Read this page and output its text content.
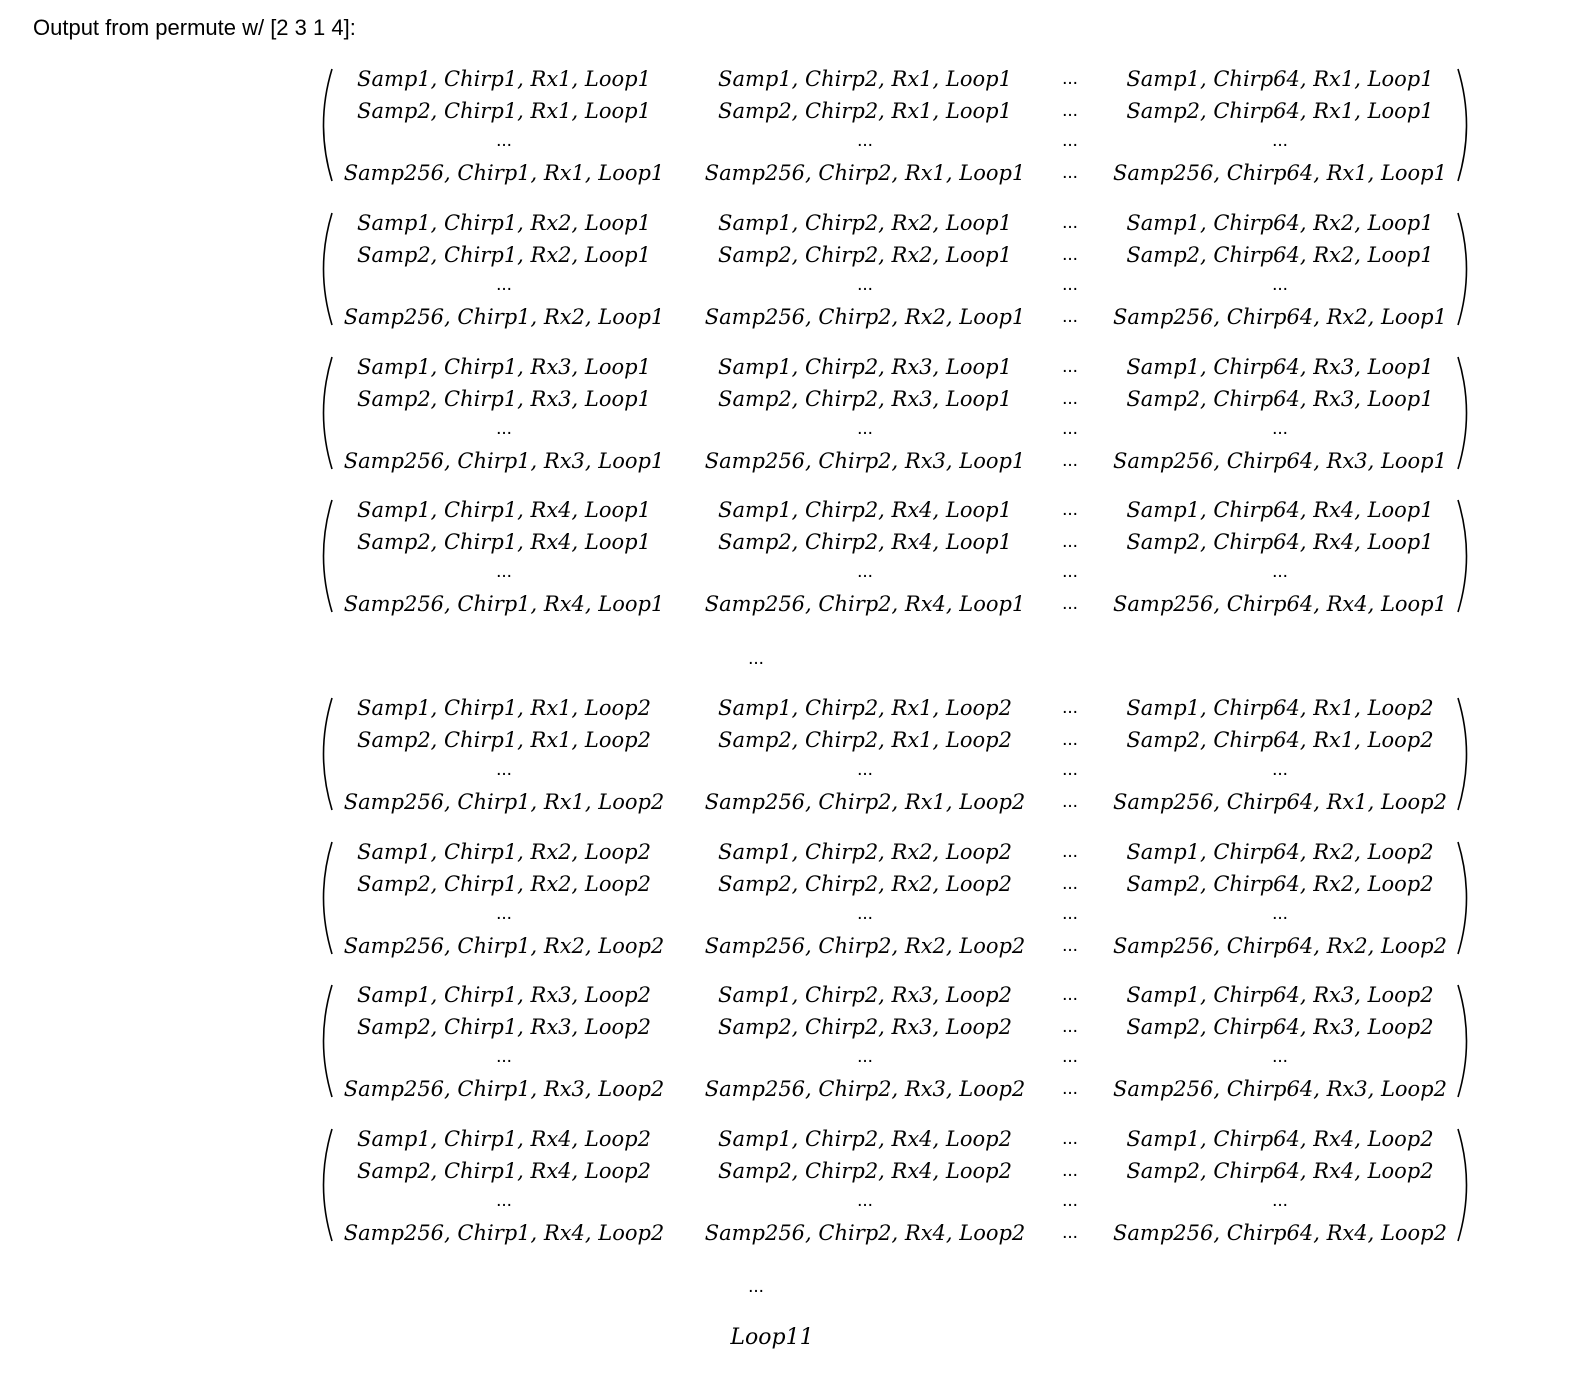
Output from permute w/ [2 3 1 4]:
...
...
Loop11
Samp1, Chirp1, Rx1, Loop1	Samp1, Chirp2, Rx1, Loop1	... Samp1, Chirp64, Rx1, Loop1
Samp2, Chirp1, Rx1, Loop1	Samp2, Chirp2, Rx1, Loop1	... Samp2, Chirp64, Rx1, Loop1
...	...	...	...
Samp256, Chirp1, Rx1, Loop1 Samp256, Chirp2, Rx1, Loop1 ... Samp256, Chirp64, Rx1, Loop1
Samp1, Chirp1, Rx2, Loop1	Samp1, Chirp2, Rx2, Loop1	... Samp1, Chirp64, Rx2, Loop1
Samp2, Chirp1, Rx2, Loop1	Samp2, Chirp2, Rx2, Loop1	... Samp2, Chirp64, Rx2, Loop1
...	...	...	...
Samp256, Chirp1, Rx2, Loop1 Samp256, Chirp2, Rx2, Loop1 ... Samp256, Chirp64, Rx2, Loop1
Samp1, Chirp1, Rx3, Loop1	Samp1, Chirp2, Rx3, Loop1	... Samp1, Chirp64, Rx3, Loop1
Samp2, Chirp1, Rx3, Loop1	Samp2, Chirp2, Rx3, Loop1	... Samp2, Chirp64, Rx3, Loop1
...	...	...	...
Samp256, Chirp1, Rx3, Loop1 Samp256, Chirp2, Rx3, Loop1 ... Samp256, Chirp64, Rx3, Loop1
Samp1, Chirp1, Rx4, Loop1	Samp1, Chirp2, Rx4, Loop1	... Samp1, Chirp64, Rx4, Loop1
Samp2, Chirp1, Rx4, Loop1	Samp2, Chirp2, Rx4, Loop1	... Samp2, Chirp64, Rx4, Loop1
...	...	...	...
Samp256, Chirp1, Rx4, Loop1 Samp256, Chirp2, Rx4, Loop1 ... Samp256, Chirp64, Rx4, Loop1
Samp1, Chirp1, Rx1, Loop2	Samp1, Chirp2, Rx1, Loop2	... Samp1, Chirp64, Rx1, Loop2
Samp2, Chirp1, Rx1, Loop2	Samp2, Chirp2, Rx1, Loop2	... Samp2, Chirp64, Rx1, Loop2
...	...	...	...
Samp256, Chirp1, Rx1, Loop2 Samp256, Chirp2, Rx1, Loop2 ... Samp256, Chirp64, Rx1, Loop2
Samp1, Chirp1, Rx2, Loop2	Samp1, Chirp2, Rx2, Loop2	... Samp1, Chirp64, Rx2, Loop2
Samp2, Chirp1, Rx2, Loop2	Samp2, Chirp2, Rx2, Loop2	... Samp2, Chirp64, Rx2, Loop2
...	...	...	...
Samp256, Chirp1, Rx2, Loop2 Samp256, Chirp2, Rx2, Loop2 ... Samp256, Chirp64, Rx2, Loop2
Samp1, Chirp1, Rx3, Loop2	Samp1, Chirp2, Rx3, Loop2	... Samp1, Chirp64, Rx3, Loop2
Samp2, Chirp1, Rx3, Loop2	Samp2, Chirp2, Rx3, Loop2	... Samp2, Chirp64, Rx3, Loop2
...	...	...	...
Samp256, Chirp1, Rx3, Loop2 Samp256, Chirp2, Rx3, Loop2 ... Samp256, Chirp64, Rx3, Loop2
Samp1, Chirp1, Rx4, Loop2	Samp1, Chirp2, Rx4, Loop2	... Samp1, Chirp64, Rx4, Loop2
Samp2, Chirp1, Rx4, Loop2	Samp2, Chirp2, Rx4, Loop2	... Samp2, Chirp64, Rx4, Loop2
...	...	...	...
Samp256, Chirp1, Rx4, Loop2 Samp256, Chirp2, Rx4, Loop2 ... Samp256, Chirp64, Rx4, Loop2
